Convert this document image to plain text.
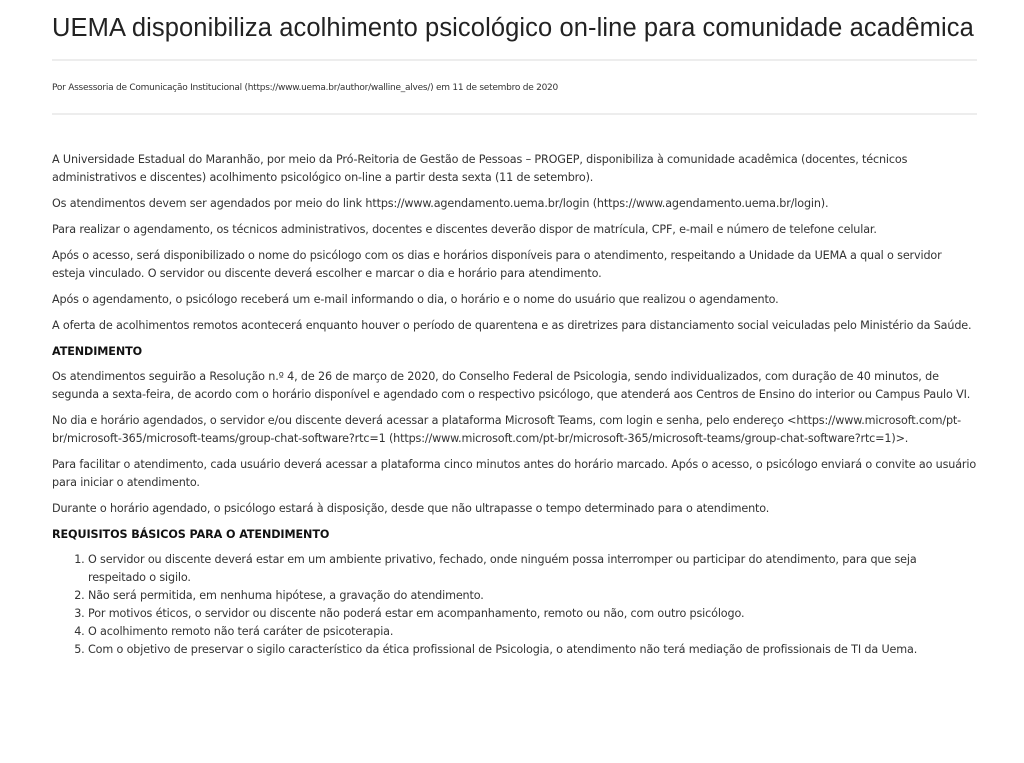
UEMA disponibiliza acolhimento psicológico on-line para comunidade acadêmica
Por Assessoria de Comunicação Institucional (https://www.uema.br/author/walline_alves/) em 11 de setembro de 2020

A Universidade Estadual do Maranhão, por meio da Pró-Reitoria de Gestão de Pessoas – PROGEP, disponibiliza à comunidade acadêmica (docentes, técnicos administrativos e discentes) acolhimento psicológico on-line a partir desta sexta (11 de setembro).

Os atendimentos devem ser agendados por meio do link https://www.agendamento.uema.br/login (https://www.agendamento.uema.br/login).

Para realizar o agendamento, os técnicos administrativos, docentes e discentes deverão dispor de matrícula, CPF, e-mail e número de telefone celular.

Após o acesso, será disponibilizado o nome do psicólogo com os dias e horários disponíveis para o atendimento, respeitando a Unidade da UEMA a qual o servidor esteja vinculado. O servidor ou discente deverá escolher e marcar o dia e horário para atendimento.

Após o agendamento, o psicólogo receberá um e-mail informando o dia, o horário e o nome do usuário que realizou o agendamento.

A oferta de acolhimentos remotos acontecerá enquanto houver o período de quarentena e as diretrizes para distanciamento social veiculadas pelo Ministério da Saúde.

ATENDIMENTO

Os atendimentos seguirão a Resolução n.º 4, de 26 de março de 2020, do Conselho Federal de Psicologia, sendo individualizados, com duração de 40 minutos, de segunda a sexta-feira, de acordo com o horário disponível e agendado com o respectivo psicólogo, que atenderá aos Centros de Ensino do interior ou Campus Paulo VI.

No dia e horário agendados, o servidor e/ou discente deverá acessar a plataforma Microsoft Teams, com login e senha, pelo endereço <https://www.microsoft.com/pt-br/microsoft-365/microsoft-teams/group-chat-software?rtc=1 (https://www.microsoft.com/pt-br/microsoft-365/microsoft-teams/group-chat-software?rtc=1)>.

Para facilitar o atendimento, cada usuário deverá acessar a plataforma cinco minutos antes do horário marcado. Após o acesso, o psicólogo enviará o convite ao usuário para iniciar o atendimento.

Durante o horário agendado, o psicólogo estará à disposição, desde que não ultrapasse o tempo determinado para o atendimento.

REQUISITOS BÁSICOS PARA O ATENDIMENTO
1. O servidor ou discente deverá estar em um ambiente privativo, fechado, onde ninguém possa interromper ou participar do atendimento, para que seja respeitado o sigilo.
2. Não será permitida, em nenhuma hipótese, a gravação do atendimento.
3. Por motivos éticos, o servidor ou discente não poderá estar em acompanhamento, remoto ou não, com outro psicólogo.
4. O acolhimento remoto não terá caráter de psicoterapia.
5. Com o objetivo de preservar o sigilo característico da ética profissional de Psicologia, o atendimento não terá mediação de profissionais de TI da Uema.
